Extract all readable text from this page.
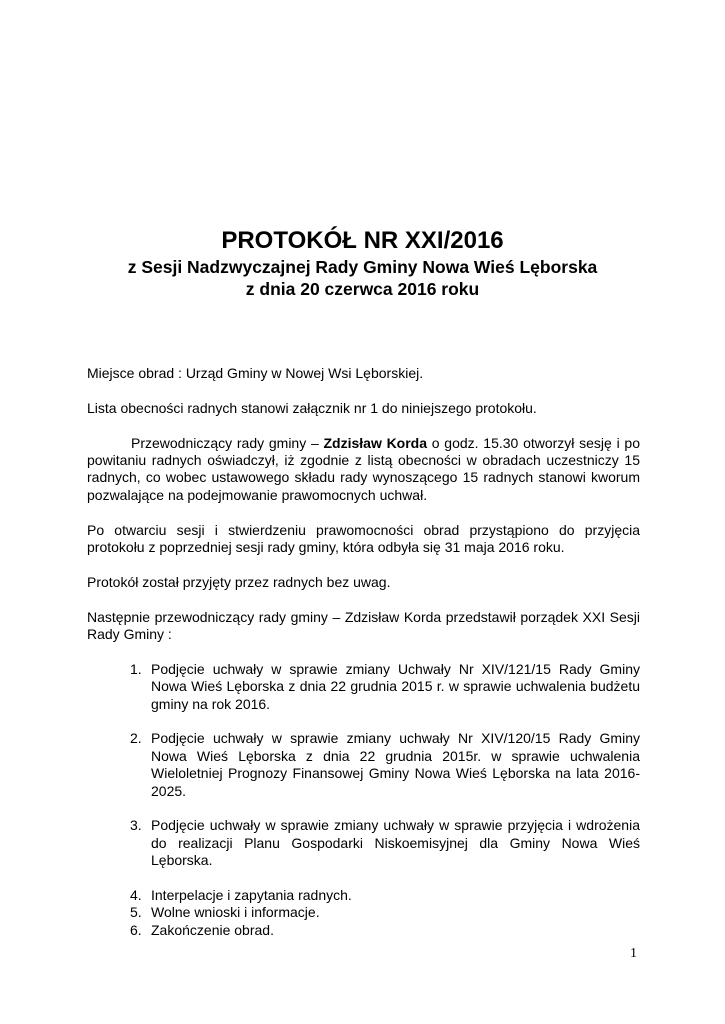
PROTOKÓŁ NR XXI/2016

z Sesji Nadzwyczajnej Rady Gminy Nowa Wieś Lęborska

z dnia 20 czerwca 2016 roku

Miejsce obrad : Urząd Gminy w Nowej Wsi Lęborskiej.

Lista obecności radnych stanowi załącznik nr 1 do niniejszego protokołu.

Przewodniczący rady gminy – Zdzisław Korda o godz. 15.30 otworzył sesję i po powitaniu radnych oświadczył, iż zgodnie z listą obecności w obradach uczestniczy 15 radnych, co wobec ustawowego składu rady wynoszącego 15 radnych stanowi kworum pozwalające na podejmowanie prawomocnych uchwał.

Po otwarciu sesji i stwierdzeniu prawomocności obrad przystąpiono do przyjęcia protokołu z poprzedniej sesji rady gminy, która odbyła się 31 maja 2016 roku.

Protokół został przyjęty przez radnych bez uwag.

Następnie przewodniczący rady gminy – Zdzisław Korda przedstawił porządek XXI Sesji Rady Gminy :

1. Podjęcie uchwały w sprawie zmiany Uchwały Nr XIV/121/15 Rady Gminy Nowa Wieś Lęborska z dnia 22 grudnia 2015 r. w sprawie uchwalenia budżetu gminy na rok 2016.
2. Podjęcie uchwały w sprawie zmiany uchwały Nr XIV/120/15 Rady Gminy Nowa Wieś Lęborska z dnia 22 grudnia 2015r. w sprawie uchwalenia Wieloletniej Prognozy Finansowej Gminy Nowa Wieś Lęborska na lata 2016-2025.
3. Podjęcie uchwały w sprawie zmiany uchwały w sprawie przyjęcia i wdrożenia do realizacji Planu Gospodarki Niskoemisyjnej dla Gminy Nowa Wieś Lęborska.
4. Interpelacje i zapytania radnych.
5. Wolne wnioski i informacje.
6. Zakończenie obrad.
1
